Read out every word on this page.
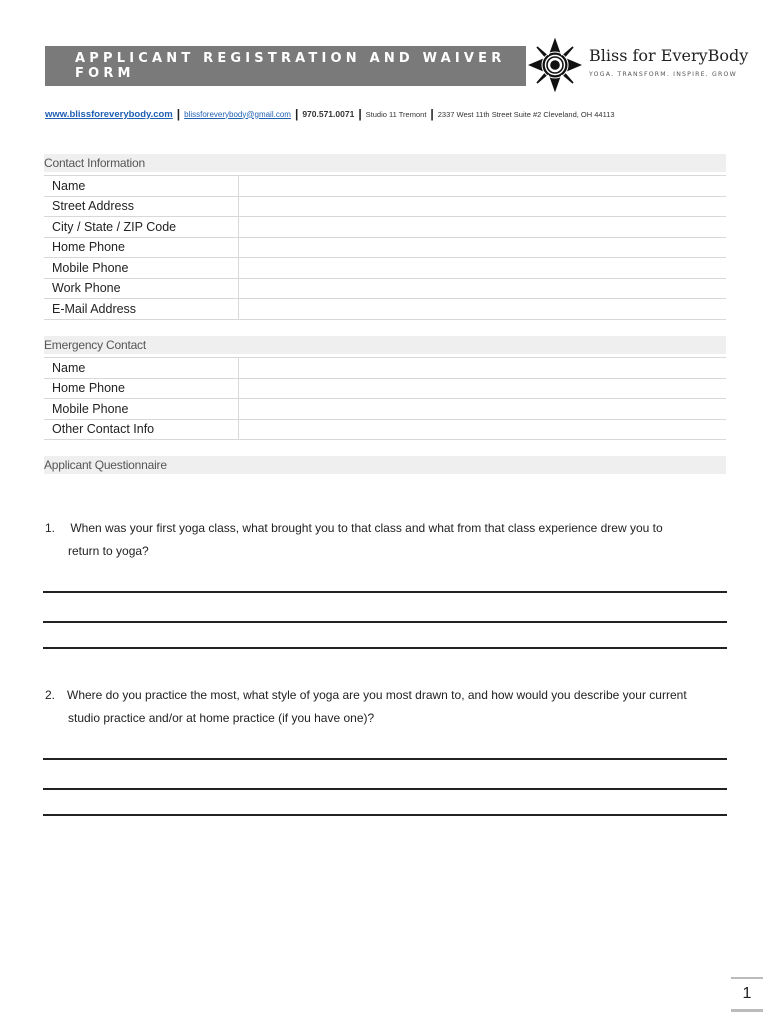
APPLICANT REGISTRATION AND WAIVER FORM
Bliss for EveryBody
YOGA. TRANSFORM. INSPIRE. GROW
www.blissforeverybody.com | blissforeverybody@gmail.com | 970.571.0071 | Studio 11 Tremont | 2337 West 11th Street Suite #2 Cleveland, OH 44113
Contact Information
Name	
Street Address	
City / State / ZIP Code	
Home Phone	
Mobile Phone	
Work Phone	
E-Mail Address	
Emergency Contact
Name	
Home Phone	
Mobile Phone	
Other Contact Info	
Applicant Questionnaire
1. When was your first yoga class, what brought you to that class and what from that class experience drew you to
return to yoga?
2. Where do you practice the most, what style of yoga are you most drawn to, and how would you describe your current
studio practice and/or at home practice (if you have one)?
1
